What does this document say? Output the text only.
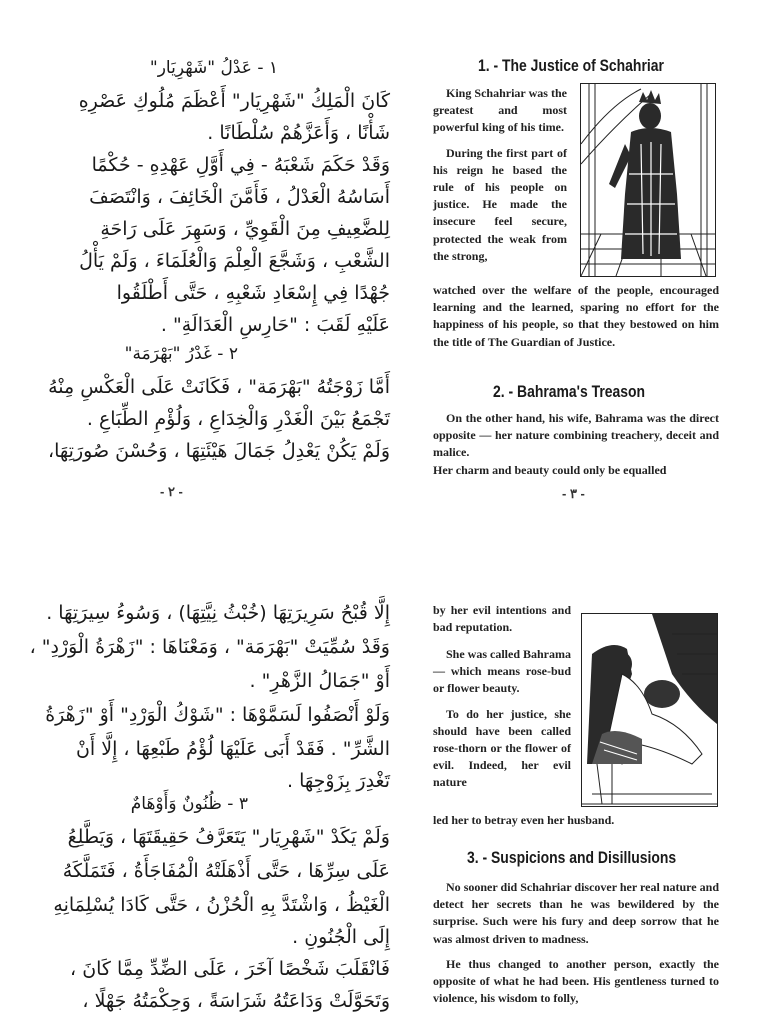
١ - عَدْلُ "شَهْرِيَار"
كَانَ الْمَلِكُ "شَهْرِيَار" أَعْظَمَ مُلُوكِ عَصْرِهِ
شَأْنًا ، وَأَعَزَّهُمْ سُلْطَانًا .
وَقَدْ حَكَمَ شَعْبَهُ - فِي أَوَّلِ عَهْدِهِ - حُكْمًا
أَسَاسُهُ الْعَدْلُ ، فَأَمَّنَ الْخَائِفَ ، وَانْتَصَفَ
لِلضَّعِيفِ مِنَ الْقَوِيِّ ، وَسَهِرَ عَلَى رَاحَةِ
الشَّعْبِ ، وَشَجَّعَ الْعِلْمَ وَالْعُلَمَاءَ ، وَلَمْ يَأْلُ
جُهْدًا فِي إِسْعَادِ شَعْبِهِ ، حَتَّى أَطْلَقُوا
عَلَيْهِ لَقَبَ : "حَارِسِ الْعَدَالَةِ" .
٢ - غَدْرُ "بَهْرَمَة"
أَمَّا زَوْجَتُهُ "بَهْرَمَة" ، فَكَانَتْ عَلَى الْعَكْسِ مِنْهُ
تَجْمَعُ بَيْنَ الْغَدْرِ وَالْخِدَاعِ ، وَلُؤْمِ الطِّبَاعِ .
وَلَمْ يَكُنْ يَعْدِلُ جَمَالَ هَيْئَتِهَا ، وَحُسْنَ صُورَتِهَا،
- ٢ -
1. - The Justice of Schahriar

King Schahriar was the greatest and most powerful king of his time.

During the first part of his reign he based the rule of his people on justice. He made the insecure feel secure, protected the weak from the strong,

watched over the welfare of the people, encouraged learning and the learned, sparing no effort for the happiness of his people, so that they bestowed on him the title of The Guardian of Justice.
2. - Bahrama's Treason

On the other hand, his wife, Bahrama was the direct opposite — her nature combining treachery, deceit and malice.

Her charm and beauty could only be equalled

- ٣ -
إِلَّا قُبْحُ سَرِيرَتِهَا (خُبْثُ نِيَّتِهَا) ، وَسُوءُ سِيرَتِهَا .
وَقَدْ سُمِّيَتْ "بَهْرَمَة" ، وَمَعْنَاهَا : "زَهْرَةُ الْوَرْدِ" ،
أَوْ "جَمَالُ الزَّهْرِ" .
وَلَوْ أَنْصَفُوا لَسَمَّوْهَا : "شَوْكُ الْوَرْدِ" أَوْ "زَهْرَةُ
الشَّرِّ" . فَقَدْ أَبَى عَلَيْهَا لُؤْمُ طَبْعِهَا ، إِلَّا أَنْ
تَغْدِرَ بِزَوْجِهَا .
٣ - ظُنُونٌ وَأَوْهَامٌ
وَلَمْ يَكَدْ "شَهْرِيَار" يَتَعَرَّفُ حَقِيقَتَهَا ، وَيَطَّلِعُ
عَلَى سِرِّهَا ، حَتَّى أَذْهَلَتْهُ الْمُفَاجَأَةُ ، فَتَمَلَّكَهُ
الْغَيْظُ ، وَاشْتَدَّ بِهِ الْحُزْنُ ، حَتَّى كَادَا يُسْلِمَانِهِ
إِلَى الْجُنُونِ .
فَانْقَلَبَ شَخْصًا آخَرَ ، عَلَى الضِّدِّ مِمَّا كَانَ ،
وَتَحَوَّلَتْ وَدَاعَتُهُ شَرَاسَةً ، وَحِكْمَتُهُ جَهْلًا ،
by her evil intentions and bad reputation.

She was called Bahrama — which means rose-bud or flower beauty.

To do her justice, she should have been called rose-thorn or the flower of evil. Indeed, her evil nature

led her to betray even her husband.
3. - Suspicions and Disillusions

No sooner did Schahriar discover her real nature and detect her secrets than he was bewildered by the surprise. Such were his fury and deep sorrow that he was almost driven to madness.

He thus changed to another person, exactly the opposite of what he had been. His gentleness turned to violence, his wisdom to folly,
